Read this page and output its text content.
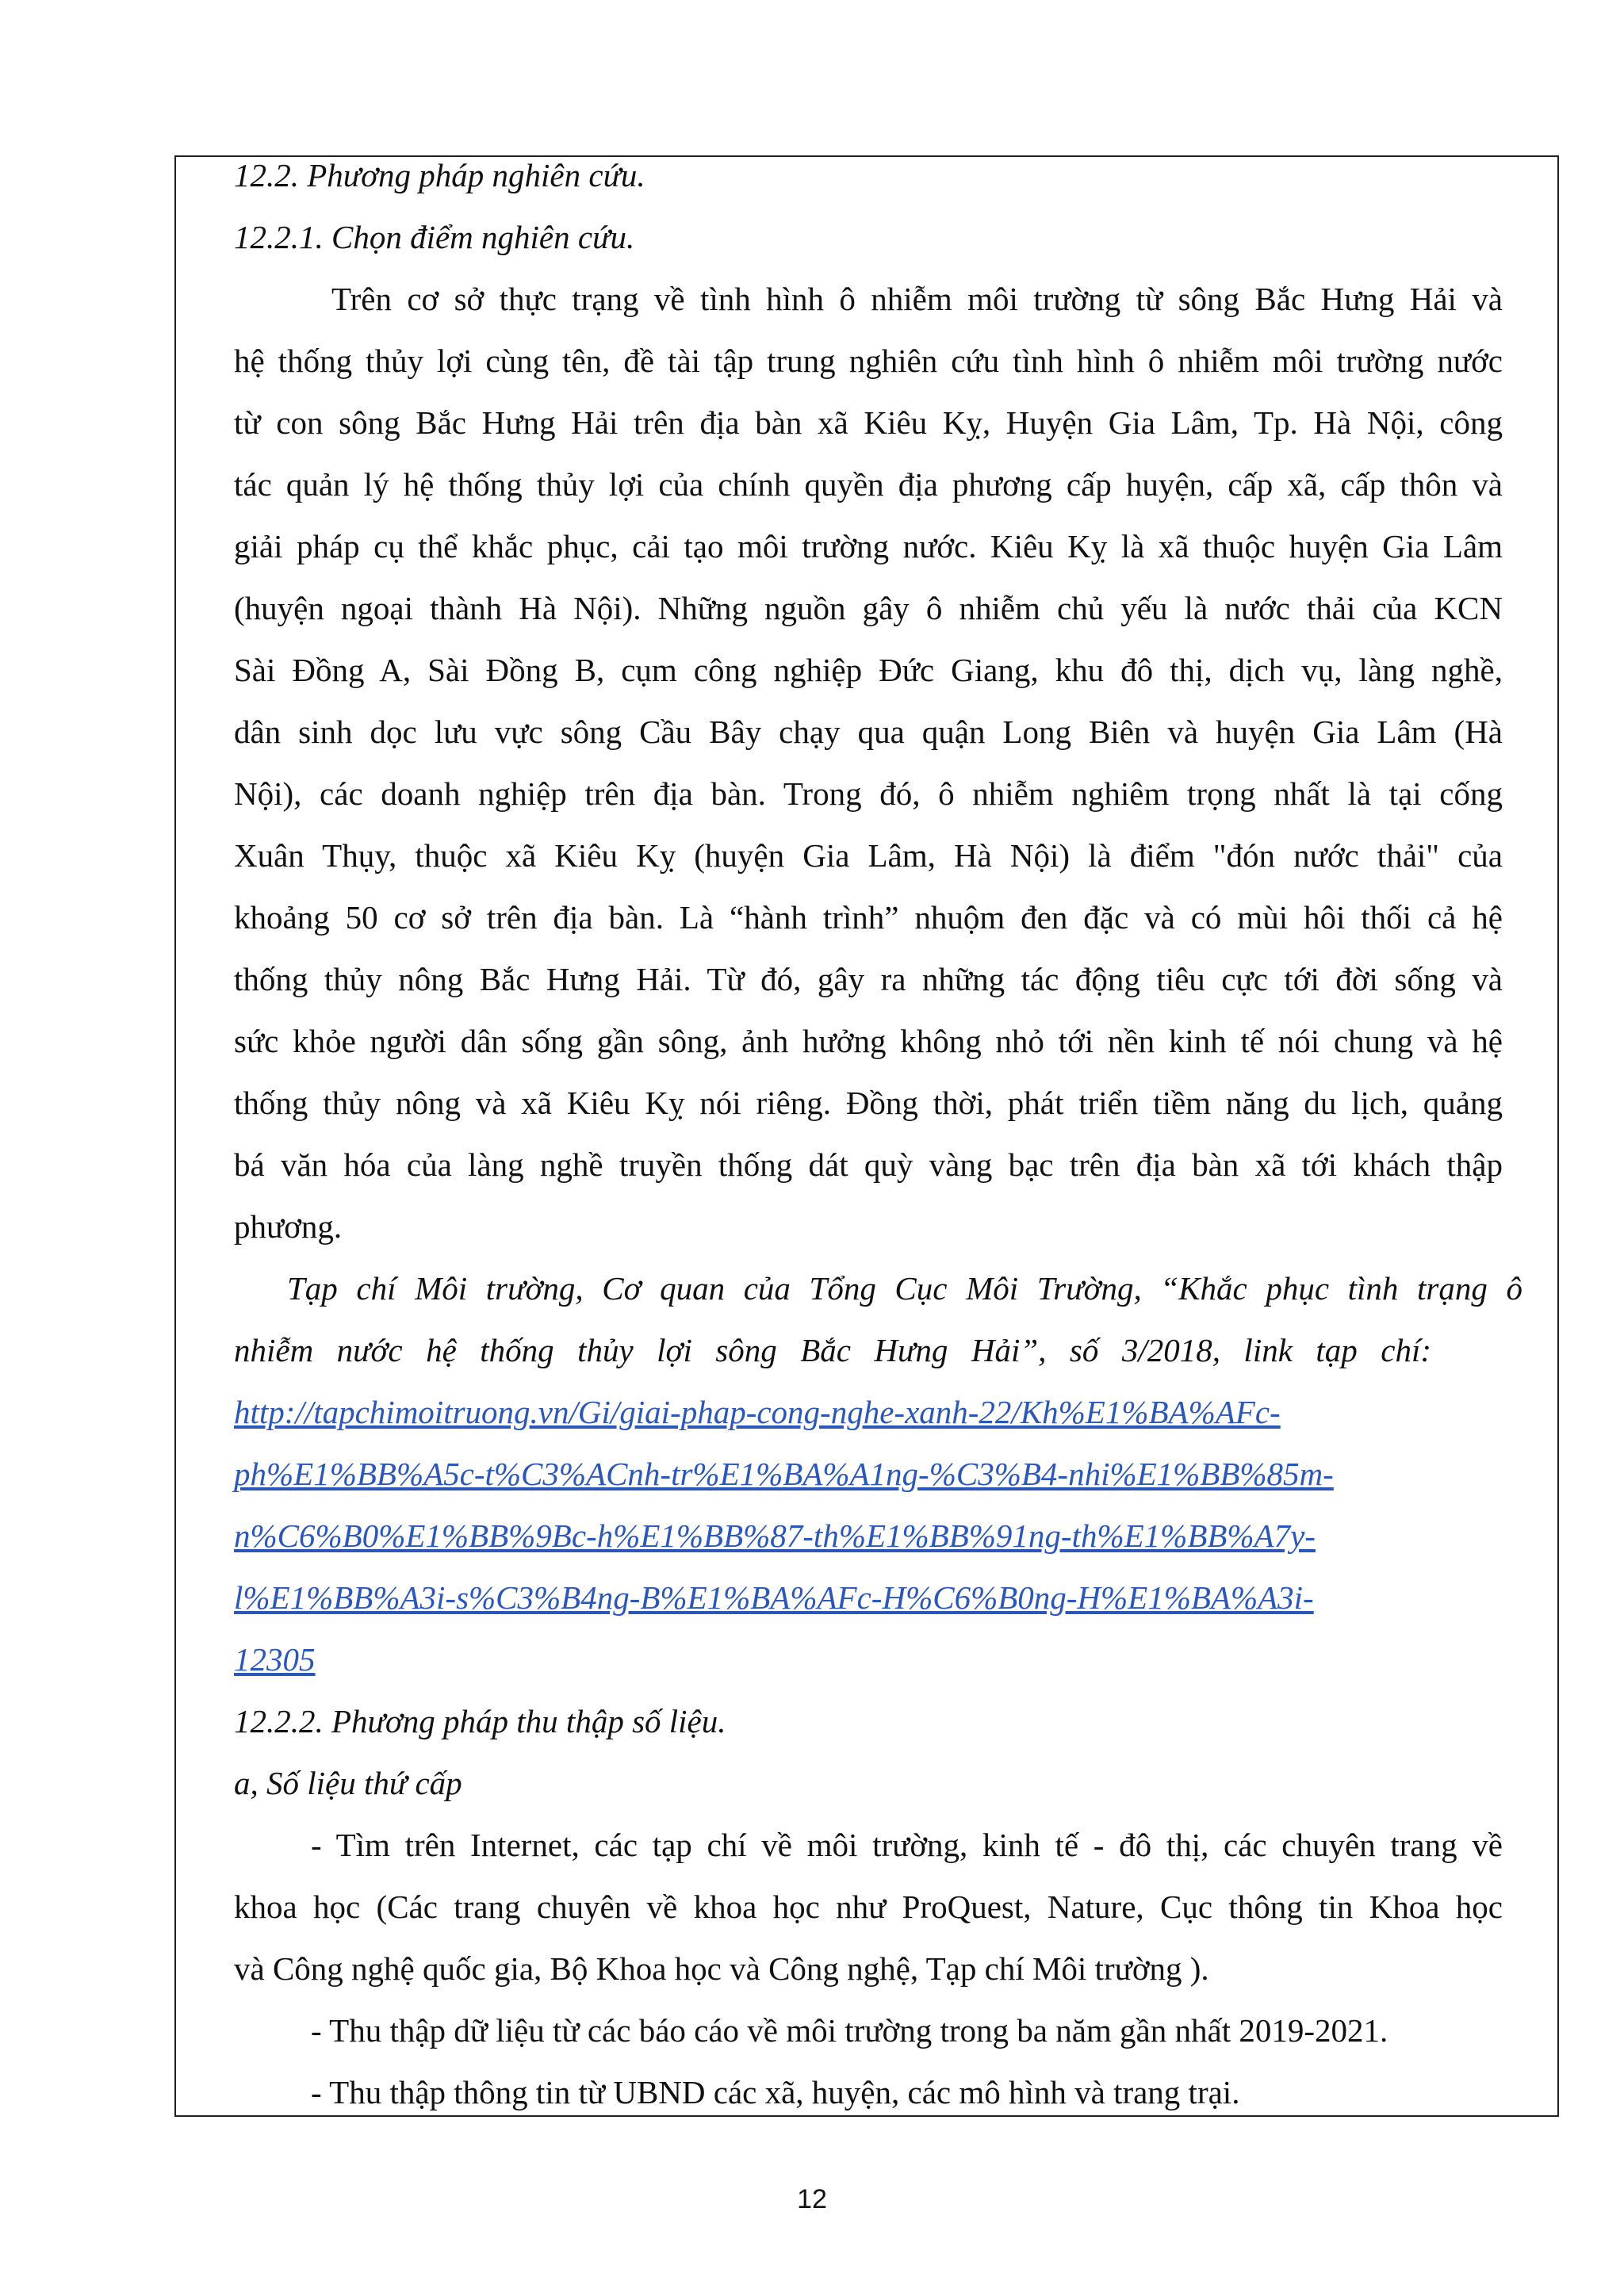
12.2. Phương pháp nghiên cứu.
12.2.1. Chọn điểm nghiên cứu.
Trên cơ sở thực trạng về tình hình ô nhiễm môi trường từ sông Bắc Hưng Hải và
hệ thống thủy lợi cùng tên, đề tài tập trung nghiên cứu tình hình ô nhiễm môi trường nước
từ con sông Bắc Hưng Hải trên địa bàn xã Kiêu Kỵ, Huyện Gia Lâm, Tp. Hà Nội, công
tác quản lý hệ thống thủy lợi của chính quyền địa phương cấp huyện, cấp xã, cấp thôn và
giải pháp cụ thể khắc phục, cải tạo môi trường nước. Kiêu Kỵ là xã thuộc huyện Gia Lâm
(huyện ngoại thành Hà Nội). Những nguồn gây ô nhiễm chủ yếu là nước thải của KCN
Sài Đồng A, Sài Đồng B, cụm công nghiệp Đức Giang, khu đô thị, dịch vụ, làng nghề,
dân sinh dọc lưu vực sông Cầu Bây chạy qua quận Long Biên và huyện Gia Lâm (Hà
Nội), các doanh nghiệp trên địa bàn. Trong đó, ô nhiễm nghiêm trọng nhất là tại cống
Xuân Thụy, thuộc xã Kiêu Kỵ (huyện Gia Lâm, Hà Nội) là điểm "đón nước thải" của
khoảng 50 cơ sở trên địa bàn. Là “hành trình” nhuộm đen đặc và có mùi hôi thối cả hệ
thống thủy nông Bắc Hưng Hải. Từ đó, gây ra những tác động tiêu cực tới đời sống và
sức khỏe người dân sống gần sông, ảnh hưởng không nhỏ tới nền kinh tế nói chung và hệ
thống thủy nông và xã Kiêu Kỵ nói riêng. Đồng thời, phát triển tiềm năng du lịch, quảng
bá văn hóa của làng nghề truyền thống dát quỳ vàng bạc trên địa bàn xã tới khách thập
phương.
Tạp chí Môi trường, Cơ quan của Tổng Cục Môi Trường, “Khắc phục tình trạng ô
nhiễm nước hệ thống thủy lợi sông Bắc Hưng Hải”, số 3/2018, link tạp chí:
http://tapchimoitruong.vn/Gi/giai-phap-cong-nghe-xanh-22/Kh%E1%BA%AFc-
ph%E1%BB%A5c-t%C3%ACnh-tr%E1%BA%A1ng-%C3%B4-nhi%E1%BB%85m-
n%C6%B0%E1%BB%9Bc-h%E1%BB%87-th%E1%BB%91ng-th%E1%BB%A7y-
l%E1%BB%A3i-s%C3%B4ng-B%E1%BA%AFc-H%C6%B0ng-H%E1%BA%A3i-
12305
12.2.2. Phương pháp thu thập số liệu.
a, Số liệu thứ cấp
- Tìm trên Internet, các tạp chí về môi trường, kinh tế - đô thị, các chuyên trang về
khoa học (Các trang chuyên về khoa học như ProQuest, Nature, Cục thông tin Khoa học
và Công nghệ quốc gia, Bộ Khoa học và Công nghệ, Tạp chí Môi trường ).
- Thu thập dữ liệu từ các báo cáo về môi trường trong ba năm gần nhất 2019-2021.
- Thu thập thông tin từ UBND các xã, huyện, các mô hình và trang trại.
12
